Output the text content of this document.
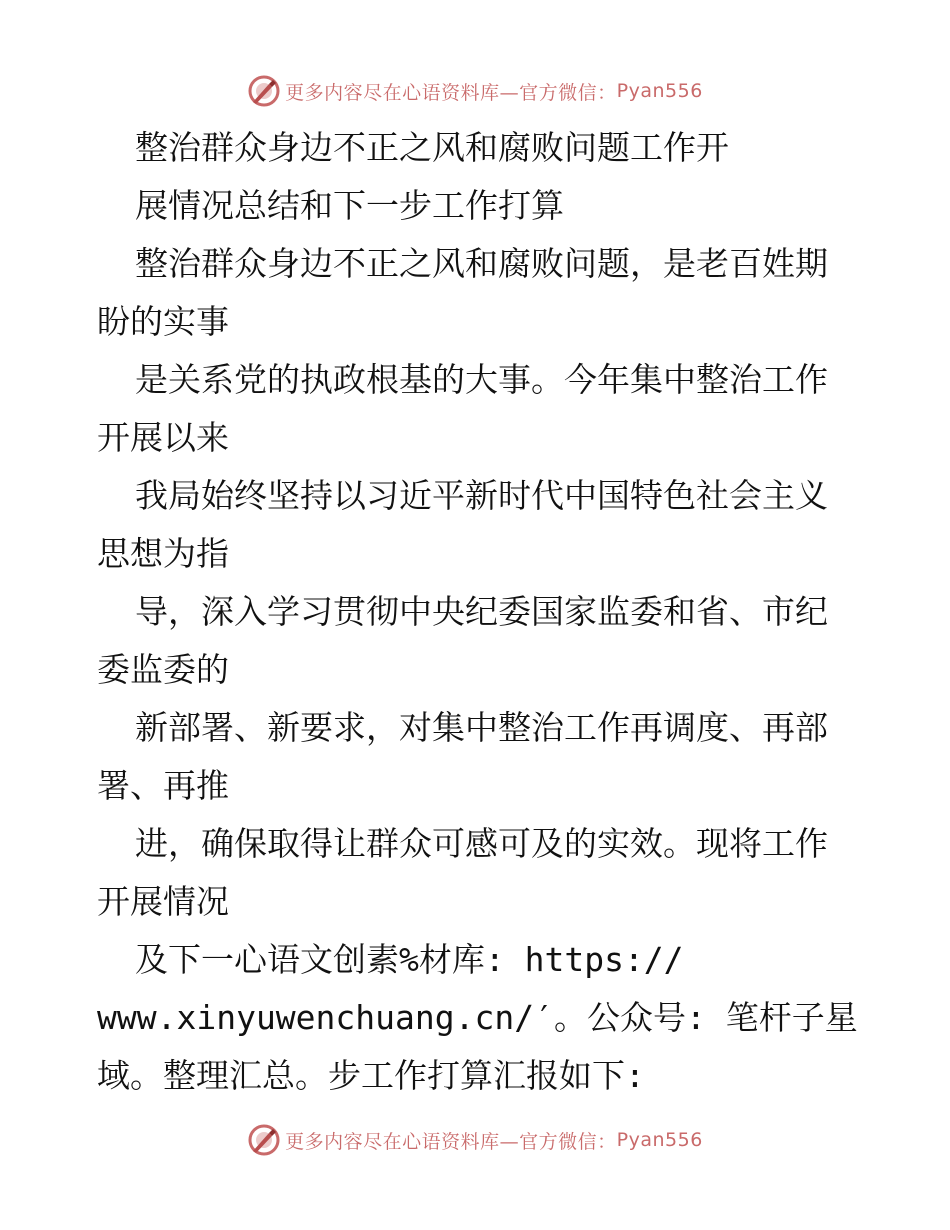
更多内容尽在心语资料库—官方微信： Pyan556
整治群众身边不正之风和腐败问题工作开
展情况总结和下一步工作打算
整治群众身边不正之风和腐败问题，是老百姓期
盼的实事
是关系党的执政根基的大事。今年集中整治工作
开展以来
我局始终坚持以习近平新时代中国特色社会主义
思想为指
导，深入学习贯彻中央纪委国家监委和省、市纪
委监委的
新部署、新要求，对集中整治工作再调度、再部
署、再推
进，确保取得让群众可感可及的实效。现将工作
开展情况
及下一心语文创素%材库: https://
www.xinyuwenchuang.cn/′。公众号: 笔杆子星
域。整理汇总。步工作打算汇报如下:
更多内容尽在心语资料库—官方微信： Pyan556
